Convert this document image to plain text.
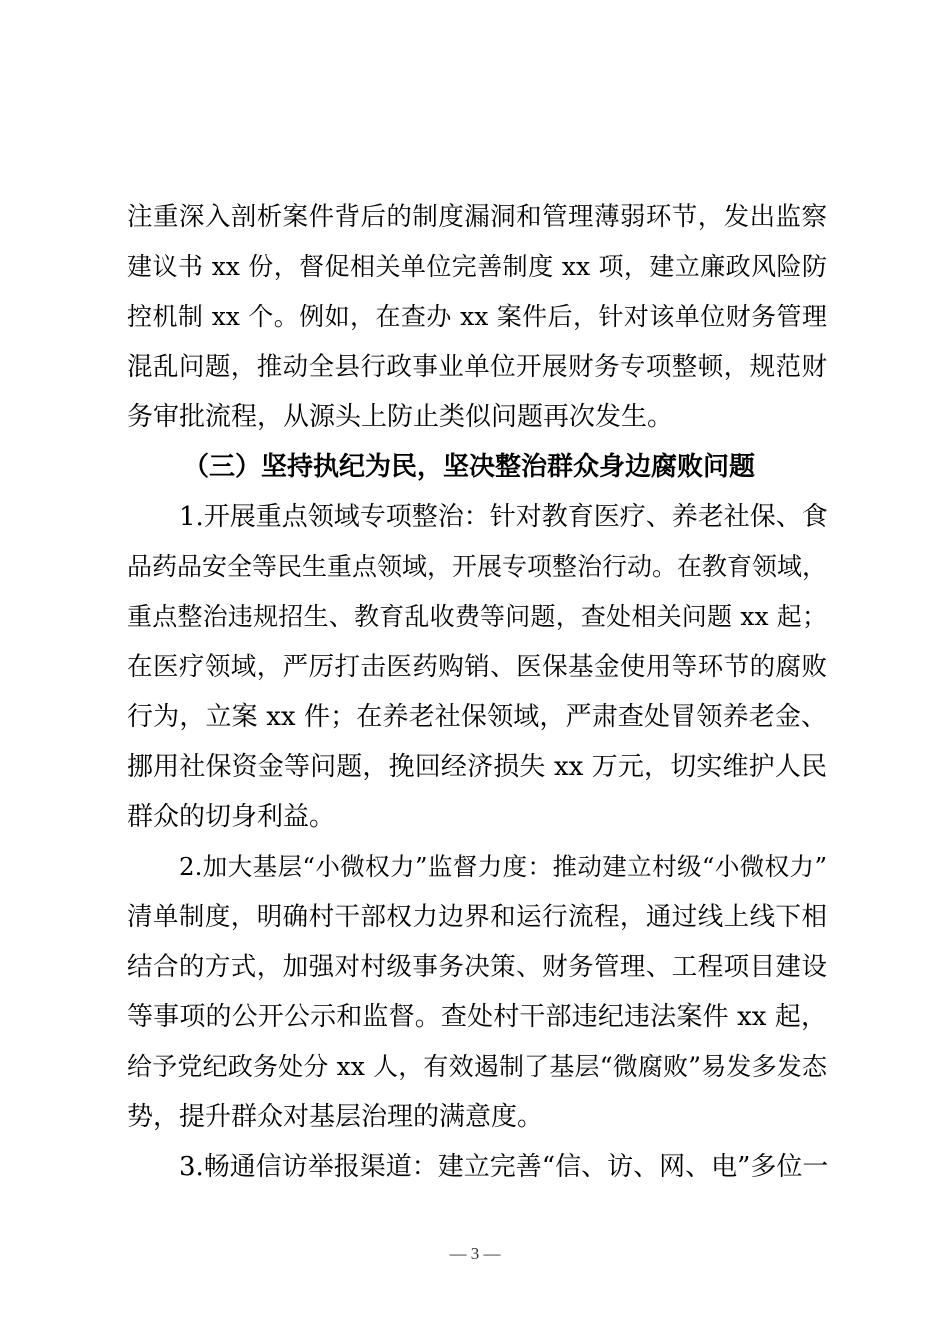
注重深入剖析案件背后的制度漏洞和管理薄弱环节，发出监察
建议书 xx 份，督促相关单位完善制度 xx 项，建立廉政风险防
控机制 xx 个。例如，在查办 xx 案件后，针对该单位财务管理
混乱问题，推动全县行政事业单位开展财务专项整顿，规范财
务审批流程，从源头上防止类似问题再次发生。
（三）坚持执纪为民，坚决整治群众身边腐败问题
1.开展重点领域专项整治：针对教育医疗、养老社保、食
品药品安全等民生重点领域，开展专项整治行动。在教育领域，
重点整治违规招生、教育乱收费等问题，查处相关问题 xx 起；
在医疗领域，严厉打击医药购销、医保基金使用等环节的腐败
行为，立案 xx 件；在养老社保领域，严肃查处冒领养老金、
挪用社保资金等问题，挽回经济损失 xx 万元，切实维护人民
群众的切身利益。
2.加大基层“小微权力”监督力度：推动建立村级“小微权力”
清单制度，明确村干部权力边界和运行流程，通过线上线下相
结合的方式，加强对村级事务决策、财务管理、工程项目建设
等事项的公开公示和监督。查处村干部违纪违法案件 xx 起，
给予党纪政务处分 xx 人，有效遏制了基层“微腐败”易发多发态
势，提升群众对基层治理的满意度。
3.畅通信访举报渠道：建立完善“信、访、网、电”多位一
— 3 —
